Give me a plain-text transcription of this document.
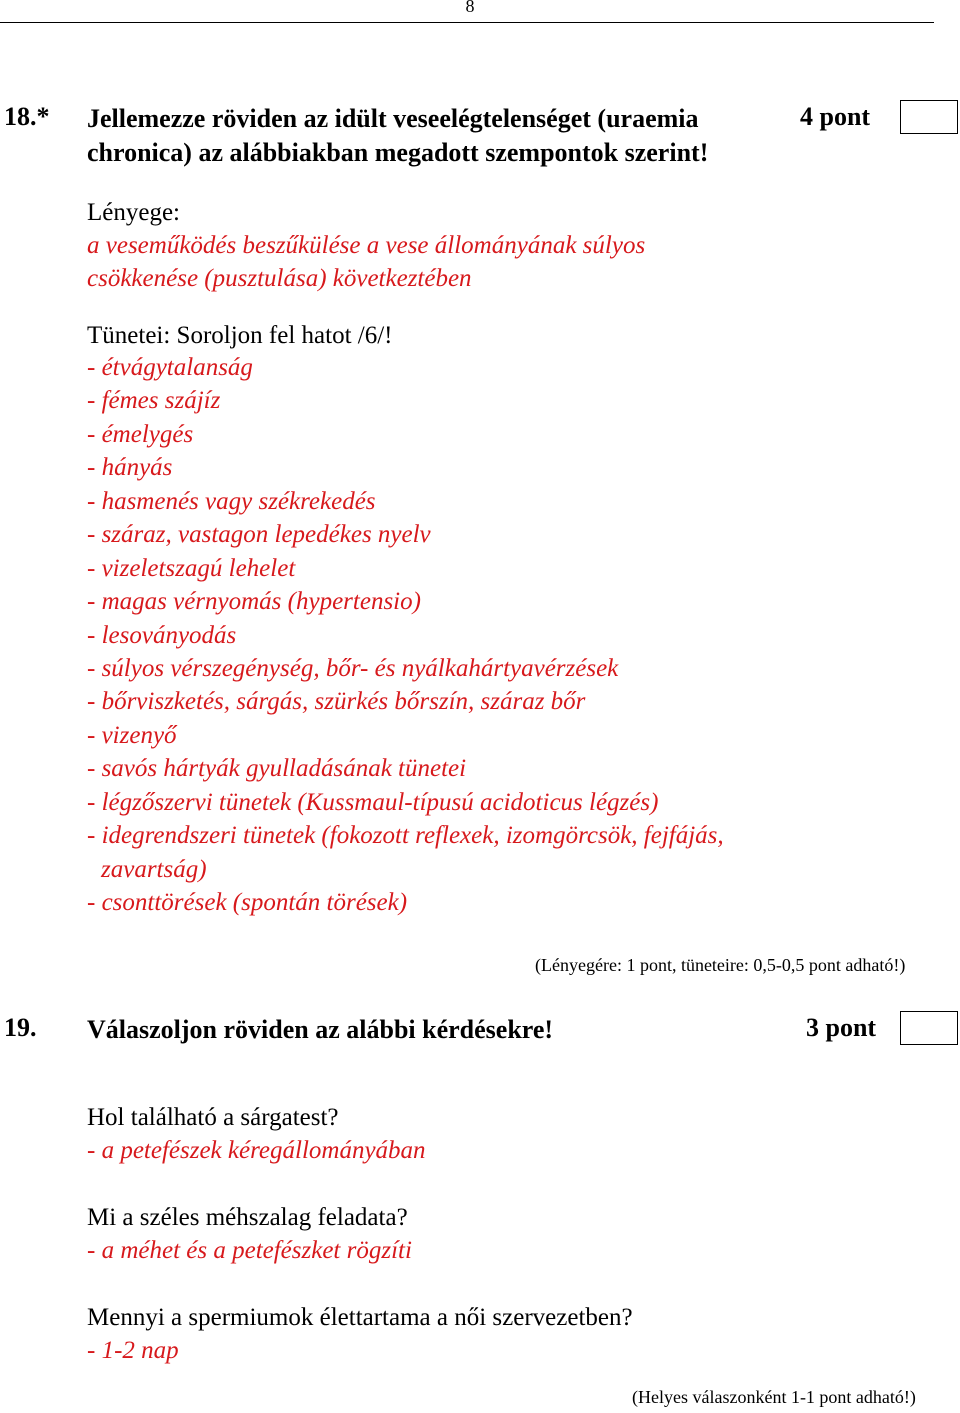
8
18.* Jellemezze röviden az idült veseelégtelenséget (uraemia
chronica) az alábbiakban megadott szempontok szerint!
4 pont
Lényege:
a veseműködés beszűkülése a vese állományának súlyos
csökkenése (pusztulása) következtében
Tünetei: Soroljon fel hatot /6/!
- étvágytalanság
- fémes szájíz
- émelygés
- hányás
- hasmenés vagy székrekedés
- száraz, vastagon lepedékes nyelv
- vizeletszagú lehelet
- magas vérnyomás (hypertensio)
- lesoványodás
- súlyos vérszegénység, bőr- és nyálkahártyavérzések
- bőrviszketés, sárgás, szürkés bőrszín, száraz bőr
- vizenyő
- savós hártyák gyulladásának tünetei
- légzőszervi tünetek (Kussmaul-típusú acidoticus légzés)
- idegrendszeri tünetek (fokozott reflexek, izomgörcsök, fejfájás,
zavartság)
- csonttörések (spontán törések)
(Lényegére: 1 pont, tüneteire: 0,5-0,5 pont adható!)
19. Válaszoljon röviden az alábbi kérdésekre!	3 pont
Hol található a sárgatest?
- a petefészek kéregállományában
Mi a széles méhszalag feladata?
- a méhet és a petefészket rögzíti
Mennyi a spermiumok élettartama a női szervezetben?
- 1-2 nap
(Helyes válaszonként 1-1 pont adható!)
